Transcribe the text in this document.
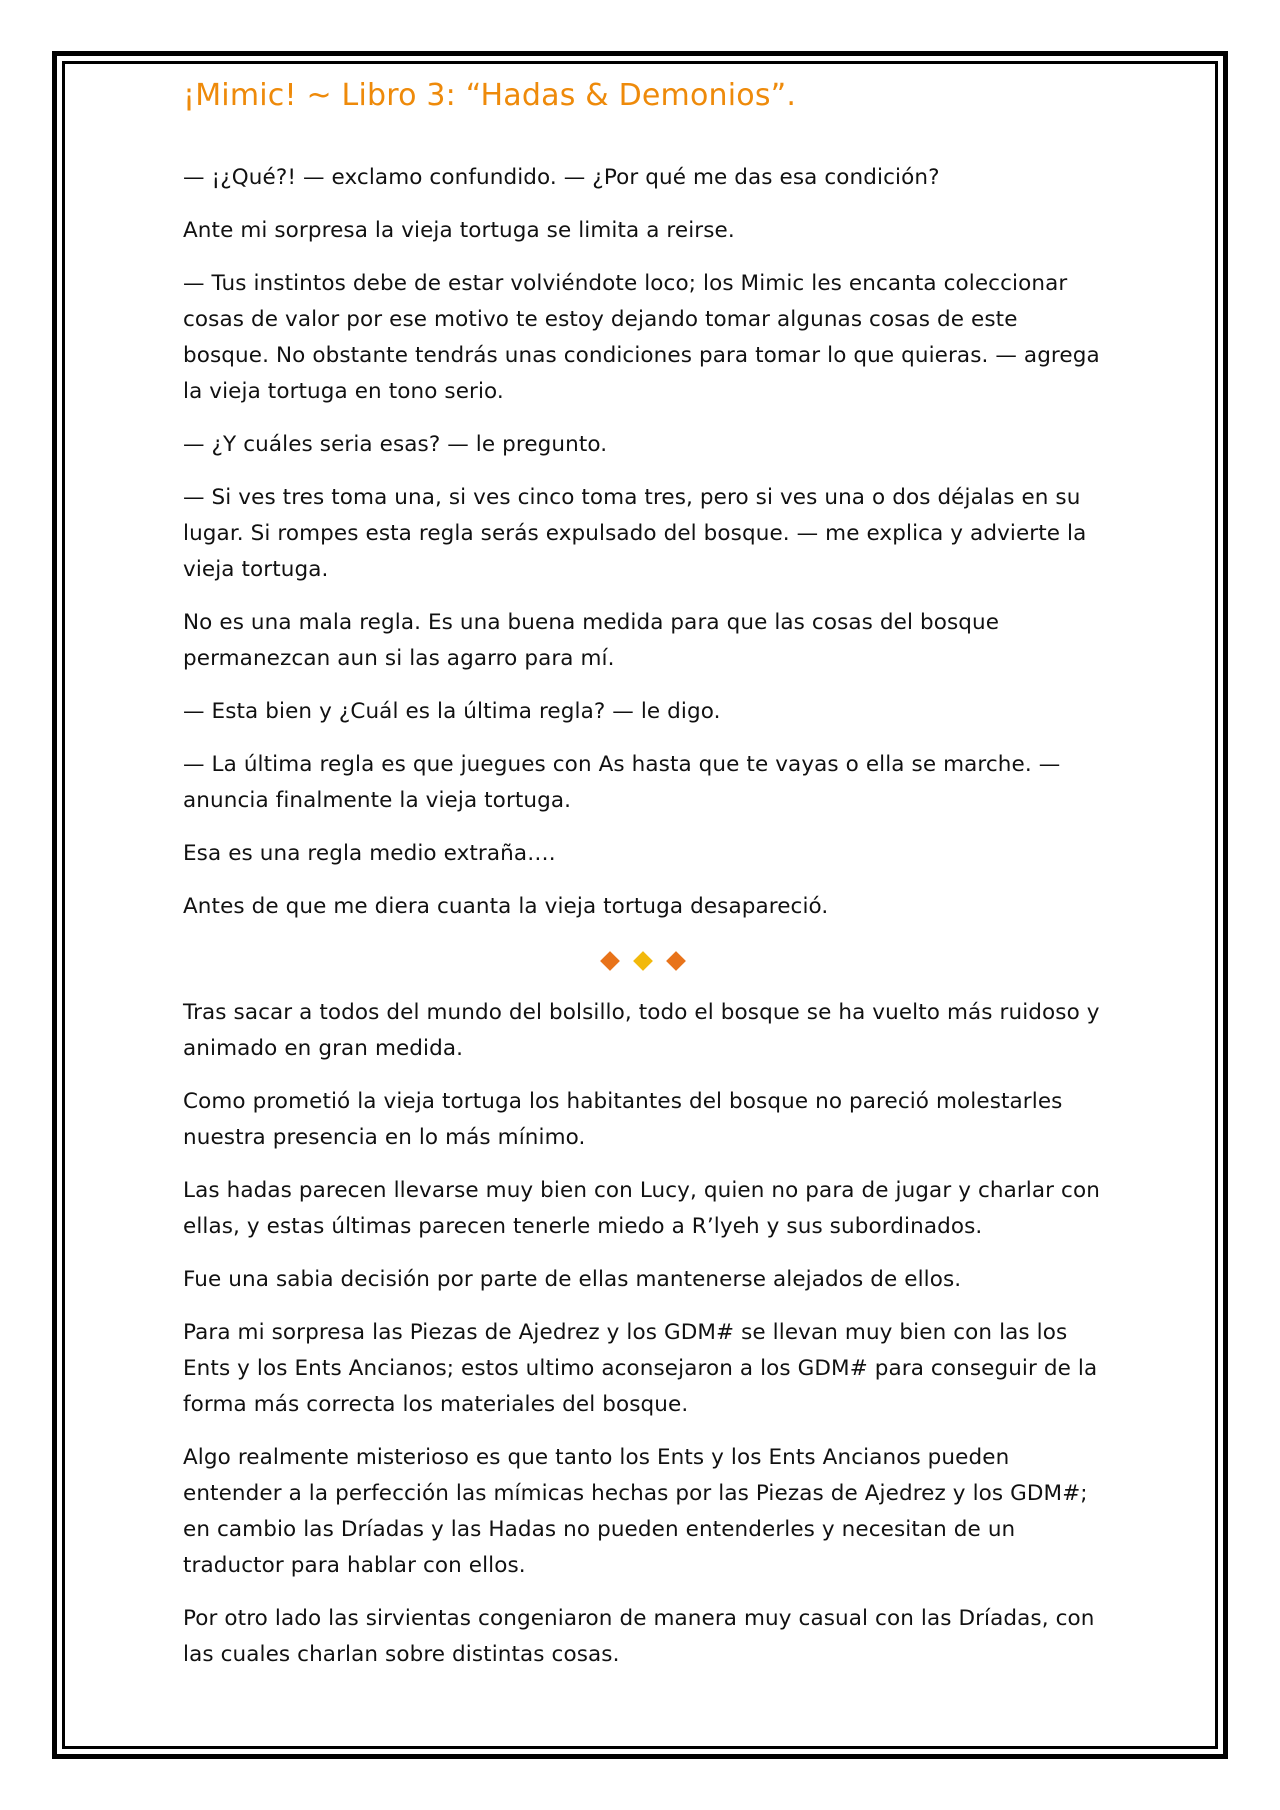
¡Mimic! ~ Libro 3: “Hadas & Demonios”.

— ¡¿Qué?! — exclamo confundido. — ¿Por qué me das esa condición?

Ante mi sorpresa la vieja tortuga se limita a reirse.

— Tus instintos debe de estar volviéndote loco; los Mimic les encanta coleccionar cosas de valor por ese motivo te estoy dejando tomar algunas cosas de este bosque. No obstante tendrás unas condiciones para tomar lo que quieras. — agrega la vieja tortuga en tono serio.

— ¿Y cuáles seria esas? — le pregunto.

— Si ves tres toma una, si ves cinco toma tres, pero si ves una o dos déjalas en su lugar. Si rompes esta regla serás expulsado del bosque. — me explica y advierte la vieja tortuga.

No es una mala regla. Es una buena medida para que las cosas del bosque permanezcan aun si las agarro para mí.

— Esta bien y ¿Cuál es la última regla? — le digo.

— La última regla es que juegues con As hasta que te vayas o ella se marche. — anuncia finalmente la vieja tortuga.

Esa es una regla medio extraña….

Antes de que me diera cuanta la vieja tortuga desapareció.

Tras sacar a todos del mundo del bolsillo, todo el bosque se ha vuelto más ruidoso y animado en gran medida.

Como prometió la vieja tortuga los habitantes del bosque no pareció molestarles nuestra presencia en lo más mínimo.

Las hadas parecen llevarse muy bien con Lucy, quien no para de jugar y charlar con ellas, y estas últimas parecen tenerle miedo a R’lyeh y sus subordinados.

Fue una sabia decisión por parte de ellas mantenerse alejados de ellos.

Para mi sorpresa las Piezas de Ajedrez y los GDM# se llevan muy bien con las los Ents y los Ents Ancianos; estos ultimo aconsejaron a los GDM# para conseguir de la forma más correcta los materiales del bosque.

Algo realmente misterioso es que tanto los Ents y los Ents Ancianos pueden entender a la perfección las mímicas hechas por las Piezas de Ajedrez y los GDM#; en cambio las Dríadas y las Hadas no pueden entenderles y necesitan de un traductor para hablar con ellos.

Por otro lado las sirvientas congeniaron de manera muy casual con las Dríadas, con las cuales charlan sobre distintas cosas.
